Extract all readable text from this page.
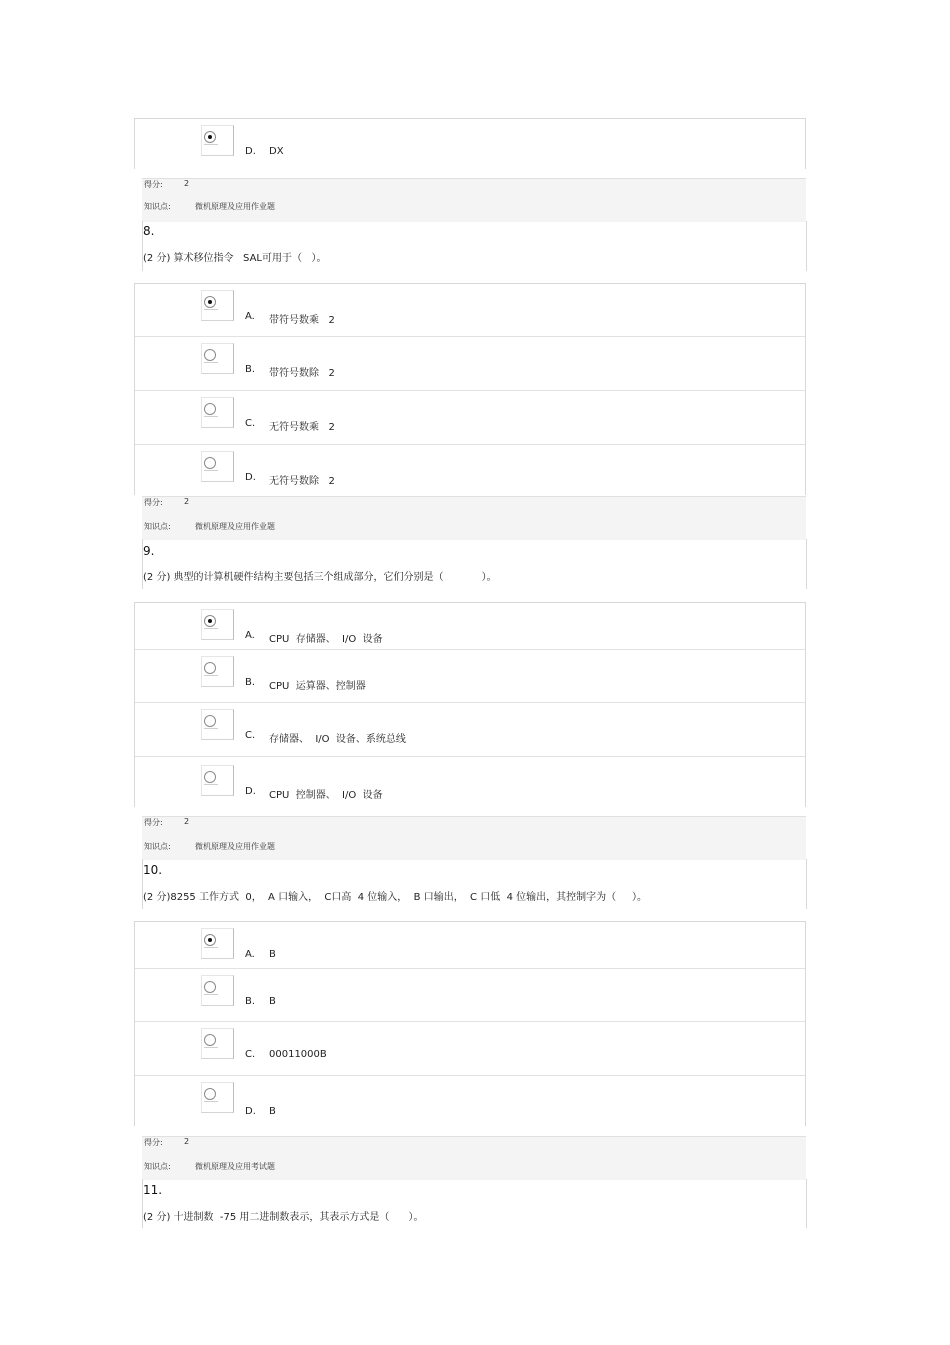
D. DX
得分:	2
知识点:	微机原理及应用作业题
8.
(2 分) 算术移位指令   SAL可用于（   ）。
A. 带符号数乘   2
B. 带符号数除   2
C. 无符号数乘   2
D. 无符号数除   2
得分:	2
知识点:	微机原理及应用作业题
9.
(2 分) 典型的计算机硬件结构主要包括三个组成部分，它们分别是（            ）。
A. CPU  存储器、  I/O  设备
B. CPU  运算器、控制器
C. 存储器、  I/O  设备、系统总线
D. CPU  控制器、  I/O  设备
得分:	2
知识点:	微机原理及应用作业题
10.
(2 分)8255 工作方式  0，  A 口输入，  C口高  4 位输入，  B 口输出，  C 口低  4 位输出，其控制字为（     ）。
A. B
B. B
C. 00011000B
D. B
得分:	2
知识点:	微机原理及应用考试题
11.
(2 分) 十进制数  -75 用二进制数表示，其表示方式是（      ）。
